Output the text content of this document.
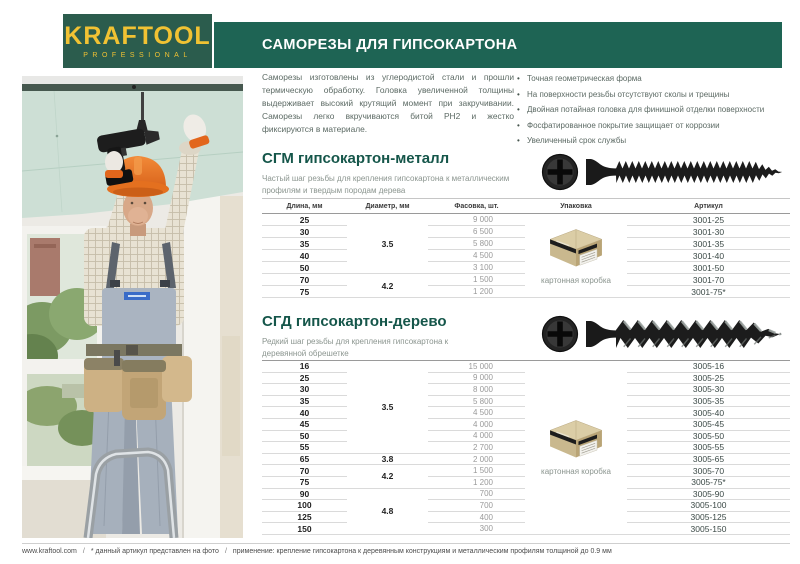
KRAFTOOL
PROFESSIONAL
САМОРЕЗЫ ДЛЯ ГИПСОКАРТОНА
Саморезы изготовлены из углеродистой стали и прошли термическую обработку. Головка увеличенной толщины выдерживает высокий крутящий момент при закручивании. Саморезы легко вкручиваются битой PH2 и жестко фиксируются в материале.
• Точная геометрическая форма
• На поверхности резьбы отсутствуют сколы и трещины
• Двойная потайная головка для финишной отделки поверхности
• Фосфатированное покрытие защищает от коррозии
• Увеличенный срок службы
СГМ гипсокартон-металл
Частый шаг резьбы для крепления гипсокартона к металлическим профилям и твердым породам дерева
Длина, мм	Диаметр, мм	Фасовка, шт.	Упаковка	Артикул
25	3.5	9 000	картонная коробка	3001-25
30		6 500		3001-30
35		5 800		3001-35
40		4 500		3001-40
50		3 100		3001-50
70	4.2	1 500		3001-70
75		1 200		3001-75*
СГД гипсокартон-дерево
Редкий шаг резьбы для крепления гипсокартона к деревянной обрешетке
16	3.5	15 000	картонная коробка	3005-16
25		9 000		3005-25
30		8 000		3005-30
35		5 800		3005-35
40		4 500		3005-40
45		4 000		3005-45
50		4 000		3005-50
55		2 700		3005-55
65	3.8	2 000		3005-65
70	4.2	1 500		3005-70
75		1 200		3005-75*
90	4.8	700		3005-90
100		700		3005-100
125		400		3005-125
150		300		3005-150
www.kraftool.com / * данный артикул представлен на фото / применение: крепление гипсокартона к деревянным конструкциям и металлическим профилям толщиной до 0.9 мм
